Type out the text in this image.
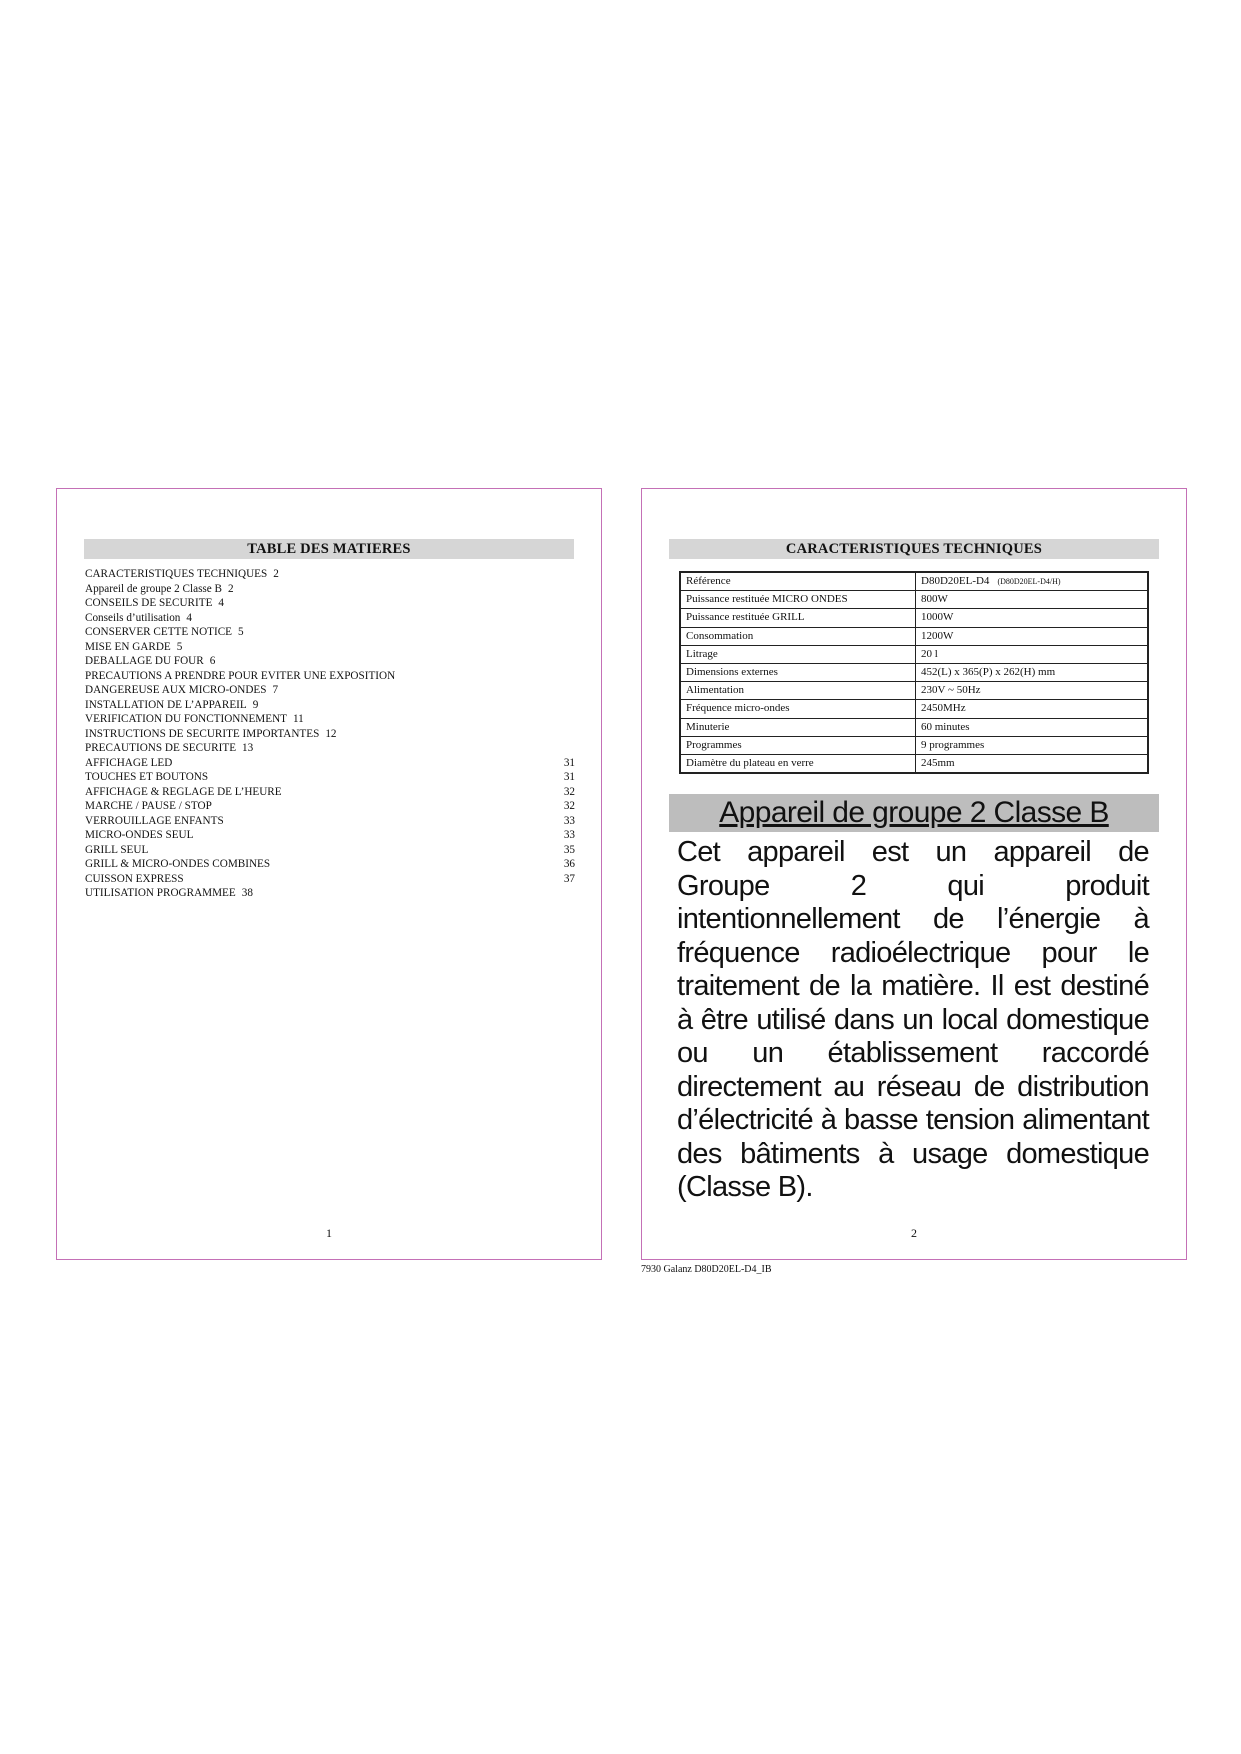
TABLE DES MATIERES
CARACTERISTIQUES TECHNIQUES 2
Appareil de groupe 2 Classe B 2
CONSEILS DE SECURITE 4
Conseils d’utilisation 4
CONSERVER CETTE NOTICE 5
MISE EN GARDE 5
DEBALLAGE DU FOUR 6
PRECAUTIONS A PRENDRE POUR EVITER UNE EXPOSITION
DANGEREUSE AUX MICRO-ONDES 7
INSTALLATION DE L’APPAREIL 9
VERIFICATION DU FONCTIONNEMENT 11
INSTRUCTIONS DE SECURITE IMPORTANTES 12
PRECAUTIONS DE SECURITE 13
AFFICHAGE LED	31
TOUCHES ET BOUTONS	31
AFFICHAGE & REGLAGE DE L’HEURE	32
MARCHE / PAUSE / STOP	32
VERROUILLAGE ENFANTS	33
MICRO-ONDES SEUL	33
GRILL SEUL	35
GRILL & MICRO-ONDES COMBINES	36
CUISSON EXPRESS	37
UTILISATION PROGRAMMEE 38
1
CARACTERISTIQUES TECHNIQUES
Référence	D80D20EL-D4 (D80D20EL-D4/H)
Puissance restituée MICRO ONDES	800W
Puissance restituée GRILL	1000W
Consommation	1200W
Litrage	20 l
Dimensions externes	452(L) x 365(P) x 262(H) mm
Alimentation	230V ~ 50Hz
Fréquence micro-ondes	2450MHz
Minuterie	60 minutes
Programmes	9 programmes
Diamètre du plateau en verre	245mm
Appareil de groupe 2 Classe B
Cet appareil est un appareil de Groupe 2 qui produit intentionnellement de l’énergie à fréquence radioélectrique pour le traitement de la matière. Il est destiné à être utilisé dans un local domestique ou un établissement raccordé directement au réseau de distribution d’électricité à basse tension alimentant des bâtiments à usage domestique (Classe B).
2
7930 Galanz D80D20EL-D4_IB
